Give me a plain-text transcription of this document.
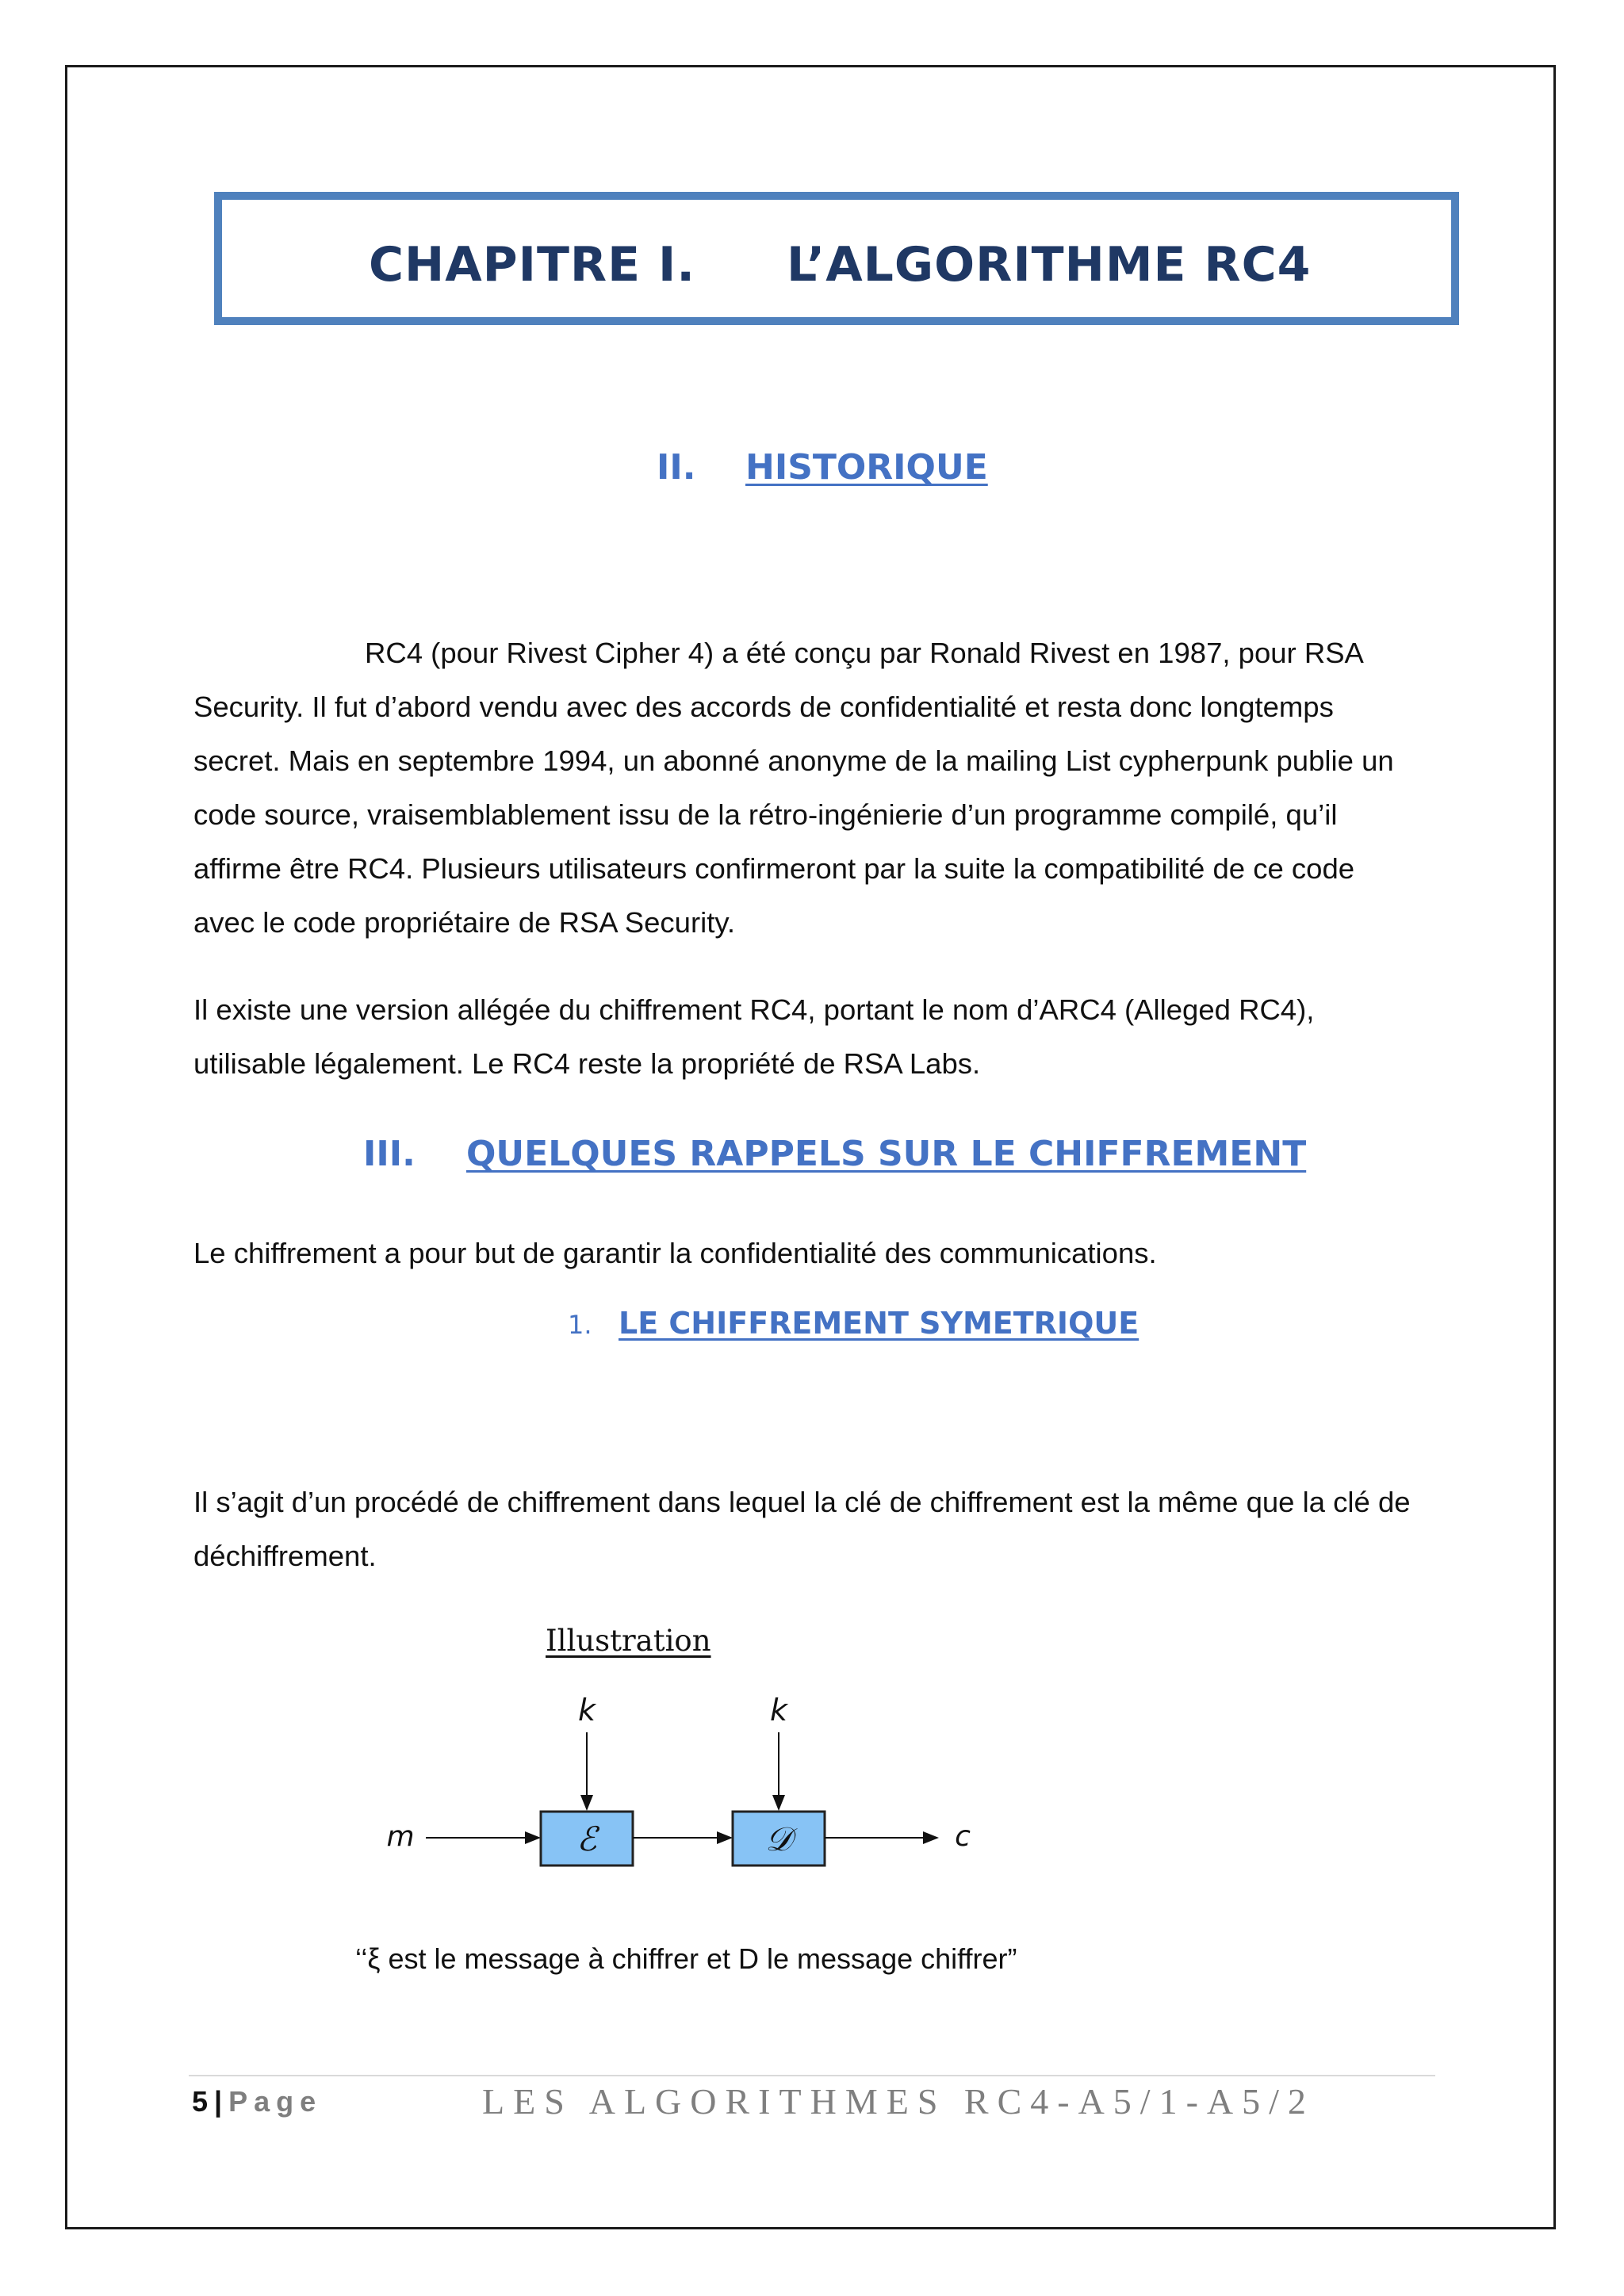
CHAPITRE I. L’ALGORITHME RC4
II. HISTORIQUE

RC4 (pour Rivest Cipher 4) a été conçu par Ronald Rivest en 1987, pour RSA Security. Il fut d’abord vendu avec des accords de confidentialité et resta donc longtemps secret. Mais en septembre 1994, un abonné anonyme de la mailing List cypherpunk publie un code source, vraisemblablement issu de la rétro-ingénierie d’un programme compilé, qu’il affirme être RC4. Plusieurs utilisateurs confirmeront par la suite la compatibilité de ce code avec le code propriétaire de RSA Security.

Il existe une version allégée du chiffrement RC4, portant le nom d’ARC4 (Alleged RC4), utilisable légalement. Le RC4 reste la propriété de RSA Labs.

III. QUELQUES RAPPELS SUR LE CHIFFREMENT

Le chiffrement a pour but de garantir la confidentialité des communications.

1. LE CHIFFREMENT SYMETRIQUE

Il s’agit d’un procédé de chiffrement dans lequel la clé de chiffrement est la même que la clé de déchiffrement.

Illustration

k	k
m	ℰ	𝒟	c

‘‘ξ est le message à chiffrer et D le message chiffrer”

5 | Page	LES ALGORITHMES RC4-A5/1-A5/2
